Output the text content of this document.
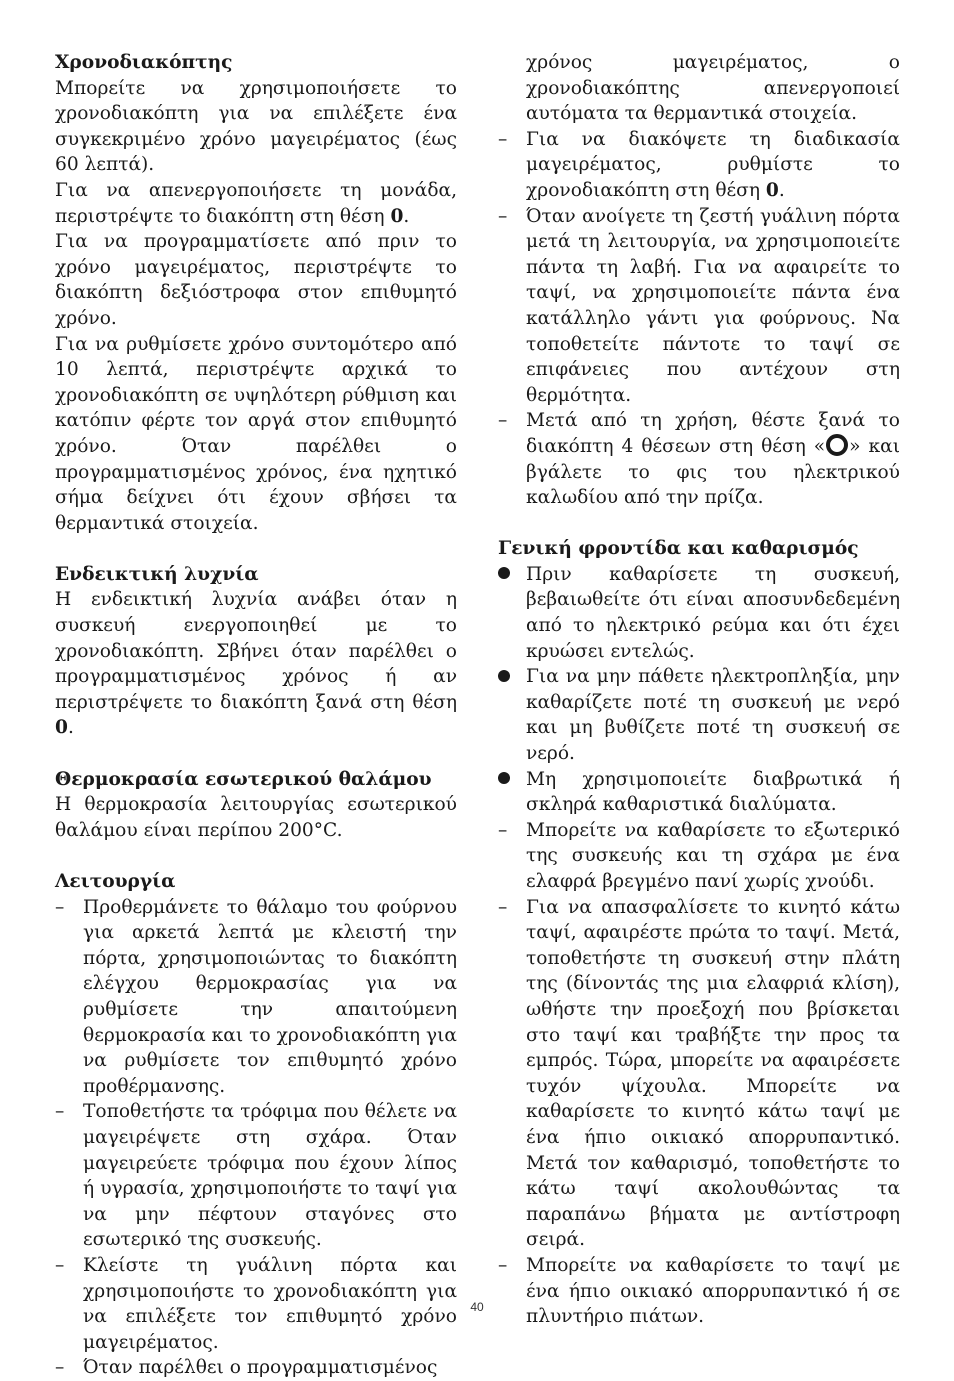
Χρονοδιακόπτης

Μπορείτε να χρησιμοποιήσετε το χρονοδιακόπτη για να επιλέξετε ένα συγκεκριμένο χρόνο μαγειρέματος (έως 60 λεπτά).

Για να απενεργοποιήσετε τη μονάδα, περιστρέψτε το διακόπτη στη θέση 0.

Για να προγραμματίσετε από πριν το χρόνο μαγειρέματος, περιστρέψτε το διακόπτη δεξιόστροφα στον επιθυμητό χρόνο.

Για να ρυθμίσετε χρόνο συντομότερο από 10 λεπτά, περιστρέψτε αρχικά το χρονοδιακόπτη σε υψηλότερη ρύθμιση και κατόπιν φέρτε τον αργά στον επιθυμητό χρόνο. Όταν παρέλθει ο προγραμματισμένος χρόνος, ένα ηχητικό σήμα δείχνει ότι έχουν σβήσει τα θερμαντικά στοιχεία.

Ενδεικτική λυχνία

Η ενδεικτική λυχνία ανάβει όταν η συσκευή ενεργοποιηθεί με το χρονοδιακόπτη. Σβήνει όταν παρέλθει ο προγραμματισμένος χρόνος ή αν περιστρέψετε το διακόπτη ξανά στη θέση 0.

Θερμοκρασία εσωτερικού θαλάμου

Η θερμοκρασία λειτουργίας εσωτερικού θαλάμου είναι περίπου 200°C.

Λειτουργία

–	Προθερμάνετε το θάλαμο του φούρνου για αρκετά λεπτά με κλειστή την πόρτα, χρησιμοποιώντας το διακόπτη ελέγχου θερμοκρασίας για να ρυθμίσετε την απαιτούμενη θερμοκρασία και το χρονοδιακόπτη για να ρυθμίσετε τον επιθυμητό χρόνο προθέρμανσης.
–	Τοποθετήστε τα τρόφιμα που θέλετε να μαγειρέψετε στη σχάρα. Όταν μαγειρεύετε τρόφιμα που έχουν λίπος ή υγρασία, χρησιμοποιήστε το ταψί για να μην πέφτουν σταγόνες στο εσωτερικό της συσκευής.
–	Κλείστε τη γυάλινη πόρτα και χρησιμοποιήστε το χρονοδιακόπτη για να επιλέξετε τον επιθυμητό χρόνο μαγειρέματος.
–	Όταν παρέλθει ο προγραμματισμένος

χρόνος μαγειρέματος, ο χρονοδιακόπτης απενεργοποιεί αυτόματα τα θερμαντικά στοιχεία.

–	Για να διακόψετε τη διαδικασία μαγειρέματος, ρυθμίστε το χρονοδιακόπτη στη θέση 0.
–	Όταν ανοίγετε τη ζεστή γυάλινη πόρτα μετά τη λειτουργία, να χρησιμοποιείτε πάντα τη λαβή. Για να αφαιρείτε το ταψί, να χρησιμοποιείτε πάντα ένα κατάλληλο γάντι για φούρνους. Να τοποθετείτε πάντοτε το ταψί σε επιφάνειες που αντέχουν στη θερμότητα.
–	Μετά από τη χρήση, θέστε ξανά το διακόπτη 4 θέσεων στη θέση « » και βγάλετε το φις του ηλεκτρικού καλωδίου από την πρίζα.

Γενική φροντίδα και καθαρισμός

Πριν καθαρίσετε τη συσκευή, βεβαιωθείτε ότι είναι αποσυνδεδεμένη από το ηλεκτρικό ρεύμα και ότι έχει κρυώσει εντελώς.
Για να μην πάθετε ηλεκτροπληξία, μην καθαρίζετε ποτέ τη συσκευή με νερό και μη βυθίζετε ποτέ τη συσκευή σε νερό.
Μη χρησιμοποιείτε διαβρωτικά ή σκληρά καθαριστικά διαλύματα.
–	Μπορείτε να καθαρίσετε το εξωτερικό της συσκευής και τη σχάρα με ένα ελαφρά βρεγμένο πανί χωρίς χνούδι.
–	Για να απασφαλίσετε το κινητό κάτω ταψί, αφαιρέστε πρώτα το ταψί. Μετά, τοποθετήστε τη συσκευή στην πλάτη της (δίνοντάς της μια ελαφριά κλίση), ωθήστε την προεξοχή που βρίσκεται στο ταψί και τραβήξτε την προς τα εμπρός. Τώρα, μπορείτε να αφαιρέσετε τυχόν ψίχουλα. Μπορείτε να καθαρίσετε το κινητό κάτω ταψί με ένα ήπιο οικιακό απορρυπαντικό. Μετά τον καθαρισμό, τοποθετήστε το κάτω ταψί ακολουθώντας τα παραπάνω βήματα με αντίστροφη σειρά.
–	Μπορείτε να καθαρίσετε το ταψί με ένα ήπιο οικιακό απορρυπαντικό ή σε πλυντήριο πιάτων.
40
